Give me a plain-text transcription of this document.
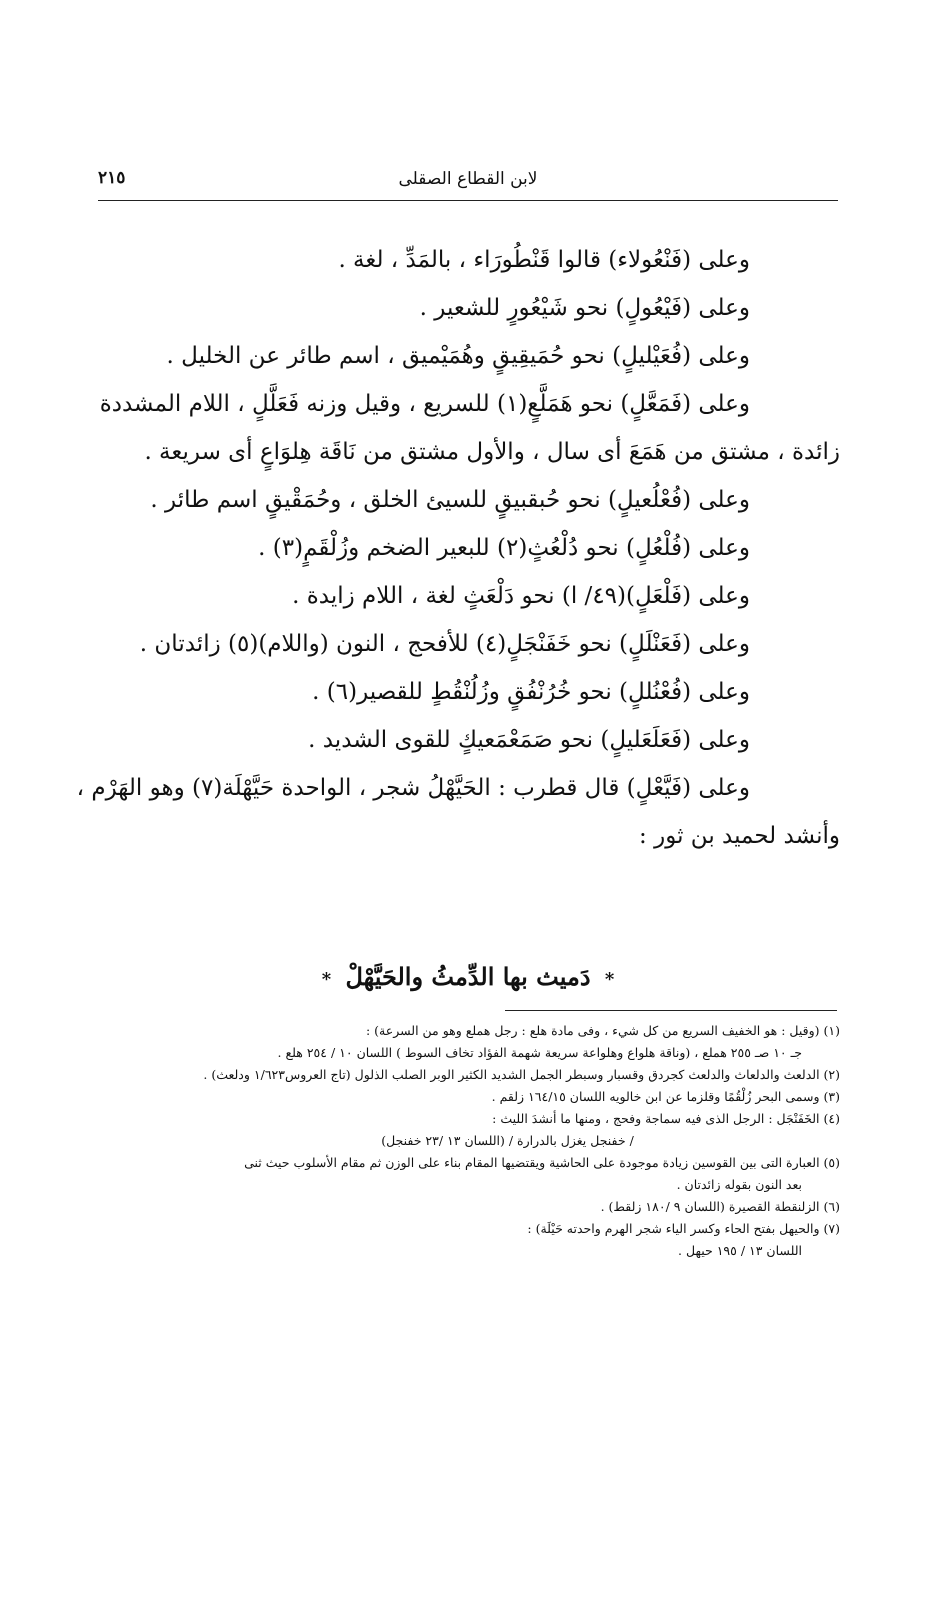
لابن القطاع الصقلى
٢١٥
وعلى (فَنْعُولاء) قالوا قَنْطُورَاء ، بالمَدِّ ، لغة .
وعلى (فَيْعُولٍ) نحو شَيْعُورٍ للشعير .
وعلى (فُعَيْليلٍ) نحو حُمَيقِيقٍ وهُمَيْميق ، اسم طائر عن الخليل .
وعلى (فَمَعَّلٍ) نحو هَمَلَّعٍ(١) للسريع ، وقيل وزنه فَعَلَّلٍ ، اللام المشددة
زائدة ، مشتق من هَمَعَ أى سال ، والأول مشتق من نَاقَة هِلوَاعٍ أى سريعة .
وعلى (فُعْلُعيلٍ) نحو حُبقبيقٍ للسيئ الخلق ، وحُمَقْيقٍ اسم طائر .
وعلى (فُلْعُلٍ) نحو دُلْعُثٍ(٢) للبعير الضخم وزُلْقَمٍ(٣) .
وعلى (فَلْعَلٍ)(٤٩/ ا) نحو دَلْعَثٍ لغة ، اللام زايدة .
وعلى (فَعَنْلَلٍ) نحو خَفَنْجَلٍ(٤) للأفحج ، النون (واللام)(٥) زائدتان .
وعلى (فُعْنُللٍ) نحو خُرُنْفُقٍ وزُلُنْقُطٍ للقصير(٦) .
وعلى (فَعَلَعَليلٍ) نحو صَمَعْمَعيكٍ للقوى الشديد .
وعلى (فَيَّعْلٍ) قال قطرب : الحَيَّهْلُ شجر ، الواحدة حَيَّهْلَة(٧) وهو الهَرْم ،
وأنشد لحميد بن ثور :
* دَميث بها الدِّمثُ والحَيَّهْلْ *
(١) (وقيل : هو الخفيف السريع من كل شيء ، وفى مادة هلع : رجل هملع وهو من السرعة) :
جـ ١٠ صـ ٢٥٥ هملع ، (وناقة هلواع وهلواعة سريعة شهمة الفؤاد تخاف السوط ) اللسان ١٠ / ٢٥٤ هلع .
(٢) الدلعث والدلعاث والدلعث كجردق وقسبار وسبطر الجمل الشديد الكثير الوبر الصلب الذلول (تاج العروس١/٦٢٣ ودلعث) .
(٣) وسمى البحر زُلْقُمًا وقلزما عن ابن خالويه اللسان ١٦٤/١٥ زلقم .
(٤) الخَفَنْجَل : الرجل الذى فيه سماجة وفحج ، ومنها ما أنشدَ الليث :
/ خفنجل يغزل بالدرارة / (اللسان ١٣ /٢٣ خفنجل)
(٥) العبارة التى بين القوسين زيادة موجودة على الحاشية ويقتضيها المقام بناء على الوزن ثم مقام الأسلوب حيث ثنى
بعد النون بقوله زائدتان .
(٦) الزلنقطة القصيرة (اللسان ٩ /١٨٠ زلقط) .
(٧) والحيهل بفتح الحاء وكسر الياء شجر الهرم واحدته حَيْلَة) :
اللسان ١٣ / ١٩٥ حيهل .
